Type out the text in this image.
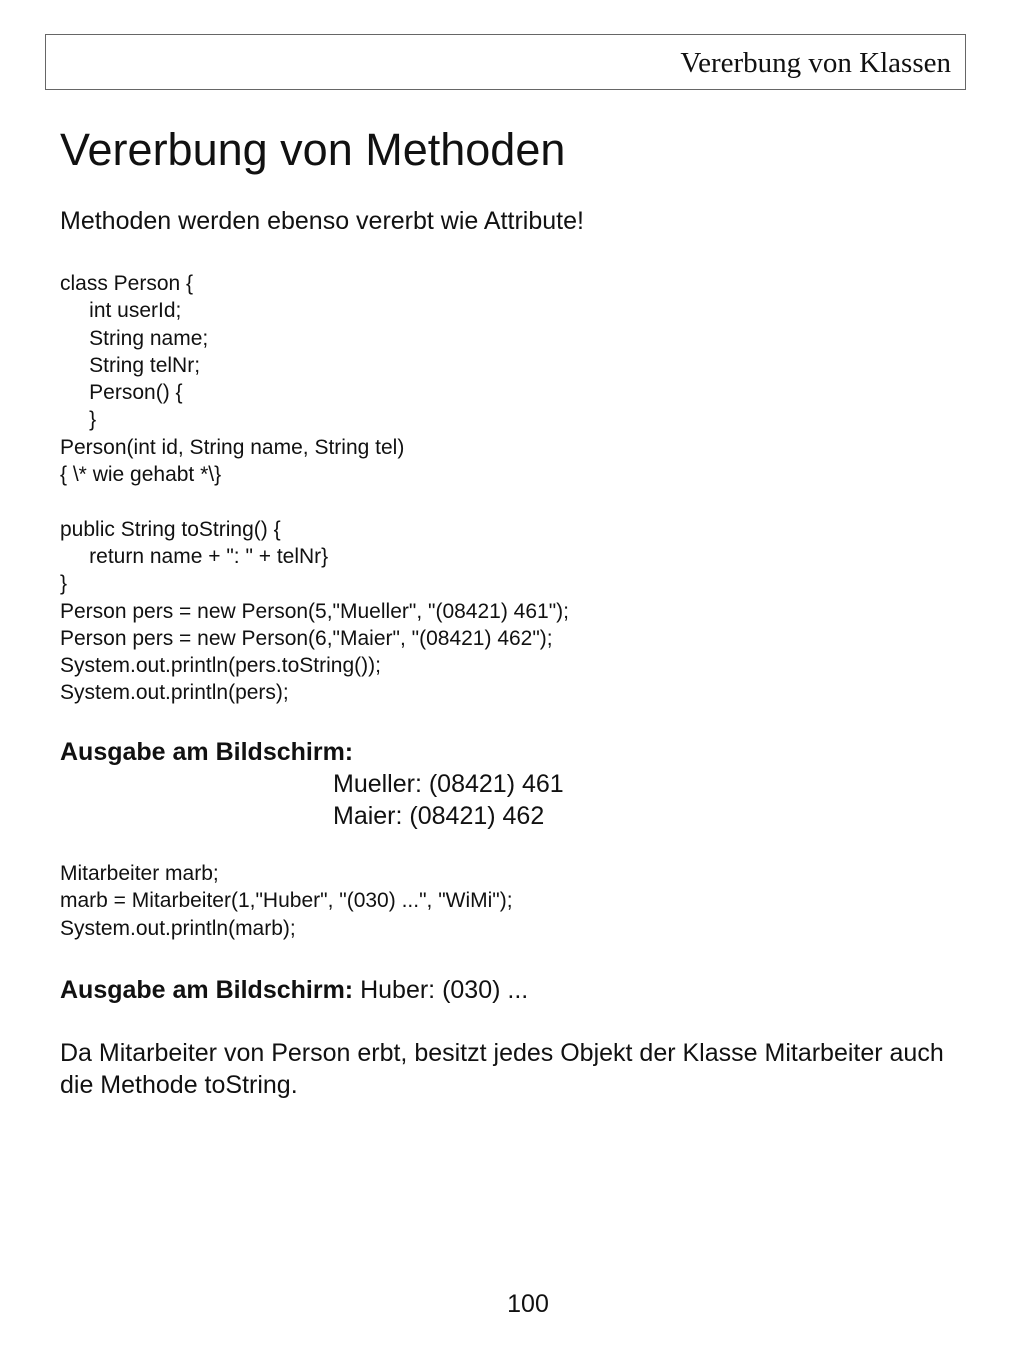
Vererbung von Klassen
Vererbung von Methoden
Methoden werden ebenso vererbt wie Attribute!
class Person {
int userId;
String name;
String telNr;
Person() {
}
Person(int id, String name, String tel)
{ \* wie gehabt *\}
public String toString() {
return name + ": " + telNr}
}
Person pers = new Person(5,"Mueller", "(08421) 461");
Person pers = new Person(6,"Maier", "(08421) 462");
System.out.println(pers.toString());
System.out.println(pers);
Ausgabe am Bildschirm:
Mueller: (08421) 461
Maier: (08421) 462
Mitarbeiter marb;
marb = Mitarbeiter(1,"Huber", "(030) ...", "WiMi");
System.out.println(marb);
Ausgabe am Bildschirm: Huber: (030) ...
Da Mitarbeiter von Person erbt, besitzt jedes Objekt der Klasse Mitarbeiter auch die Methode toString.
100
